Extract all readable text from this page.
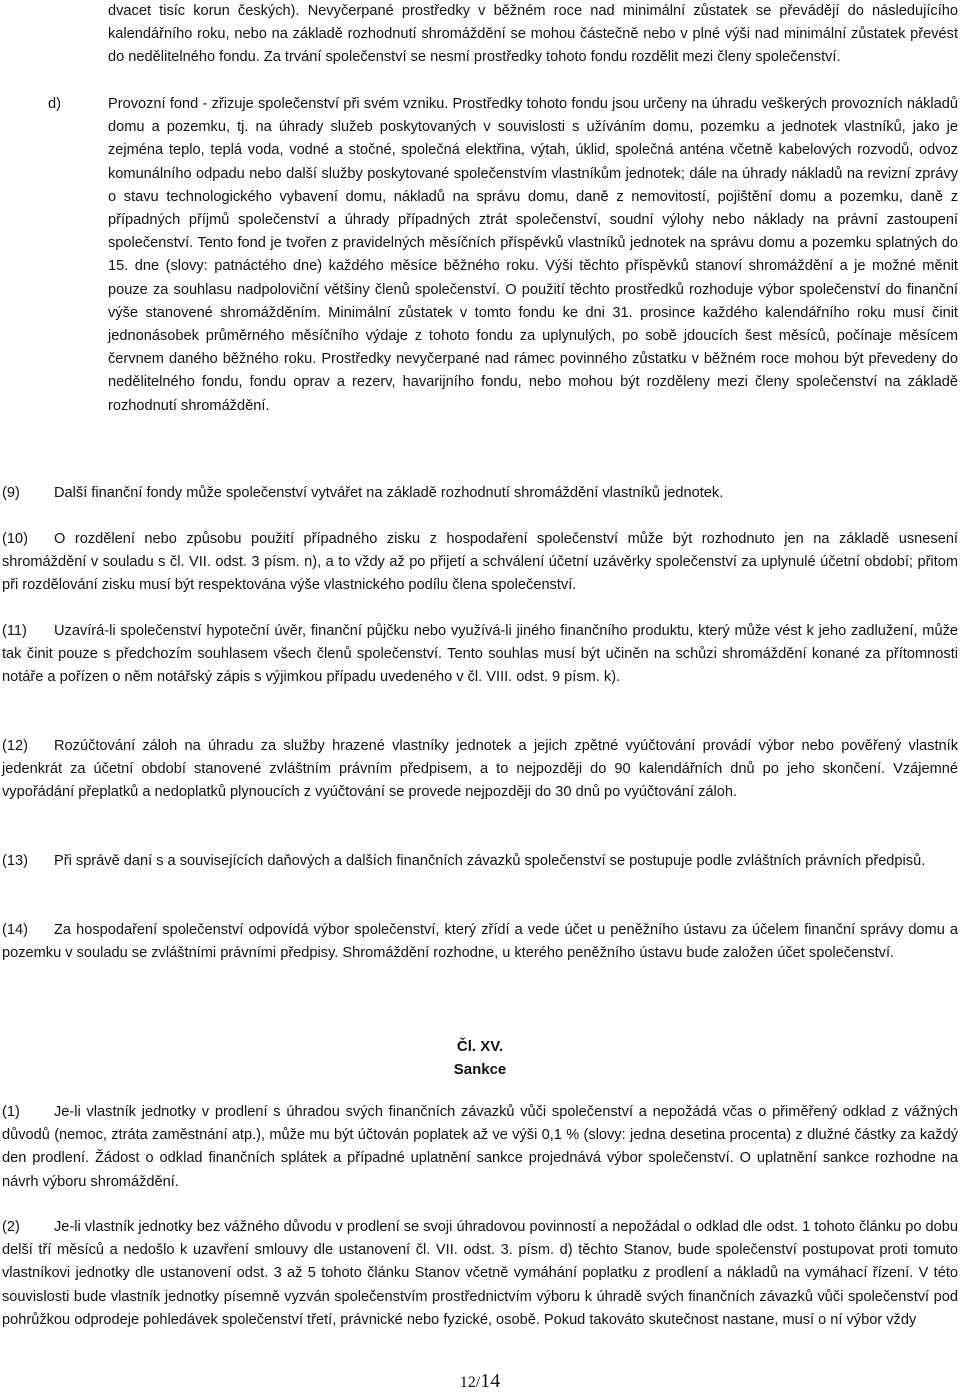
dvacet tisíc korun českých). Nevyčerpané prostředky v běžném roce nad minimální zůstatek se převádějí do následujícího kalendářního roku, nebo na základě rozhodnutí shromáždění se mohou částečně nebo v plné výši nad minimální zůstatek převést do nedělitelného fondu. Za trvání společenství se nesmí prostředky tohoto fondu rozdělit mezi členy společenství.
d)	Provozní fond - zřizuje společenství při svém vzniku. Prostředky tohoto fondu jsou určeny na úhradu veškerých provozních nákladů domu a pozemku, tj. na úhrady služeb poskytovaných v souvislosti s užíváním domu, pozemku a jednotek vlastníků, jako je zejména teplo, teplá voda, vodné a stočné, společná elektřina, výtah, úklid, společná anténa včetně kabelových rozvodů, odvoz komunálního odpadu nebo další služby poskytované společenstvím vlastníkům jednotek; dále na úhrady nákladů na revizní zprávy o stavu technologického vybavení domu, nákladů na správu domu, daně z nemovitostí, pojištění domu a pozemku, daně z případných příjmů společenství a úhrady případných ztrát společenství, soudní výlohy nebo náklady na právní zastoupení společenství. Tento fond je tvořen z pravidelných měsíčních příspěvků vlastníků jednotek na správu domu a pozemku splatných do 15. dne (slovy: patnáctého dne) každého měsíce běžného roku. Výši těchto příspěvků stanoví shromáždění a je možné měnit pouze za souhlasu nadpoloviční většiny členů společenství. O použití těchto prostředků rozhoduje výbor společenství do finanční výše stanovené shromážděním. Minimální zůstatek v tomto fondu ke dni 31. prosince každého kalendářního roku musí činit jednonásobek průměrného měsíčního výdaje z tohoto fondu za uplynulých, po sobě jdoucích šest měsíců, počínaje měsícem červnem daného běžného roku. Prostředky nevyčerpané nad rámec povinného zůstatku v běžném roce mohou být převedeny do nedělitelného fondu, fondu oprav a rezerv, havarijního fondu, nebo mohou být rozděleny mezi členy společenství na základě rozhodnutí shromáždění.
(9) Další finanční fondy může společenství vytvářet na základě rozhodnutí shromáždění vlastníků jednotek.
(10) O rozdělení nebo způsobu použití případného zisku z hospodaření společenství může být rozhodnuto jen na základě usnesení shromáždění v souladu s čl. VII. odst. 3 písm. n), a to vždy až po přijetí a schválení účetní uzávěrky společenství za uplynulé účetní období; přitom při rozdělování zisku musí být respektována výše vlastnického podílu člena společenství.
(11) Uzavírá-li společenství hypoteční úvěr, finanční půjčku nebo využívá-li jiného finančního produktu, který může vést k jeho zadlužení, může tak činit pouze s předchozím souhlasem všech členů společenství. Tento souhlas musí být učiněn na schůzi shromáždění konané za přítomnosti notáře a pořízen o něm notářský zápis s výjimkou případu uvedeného v čl. VIII. odst. 9 písm. k).
(12) Rozúčtování záloh na úhradu za služby hrazené vlastníky jednotek a jejich zpětné vyúčtování provádí výbor nebo pověřený vlastník jedenkrát za účetní období stanovené zvláštním právním předpisem, a to nejpozději do 90 kalendářních dnů po jeho skončení. Vzájemné vypořádání přeplatků a nedoplatků plynoucích z vyúčtování se provede nejpozději do 30 dnů po vyúčtování záloh.
(13) Při správě daní s a souvisejících daňových a dalších finančních závazků společenství se postupuje podle zvláštních právních předpisů.
(14) Za hospodaření společenství odpovídá výbor společenství, který zřídí a vede účet u peněžního ústavu za účelem finanční správy domu a pozemku v souladu se zvláštními právními předpisy. Shromáždění rozhodne, u kterého peněžního ústavu bude založen účet společenství.
Čl. XV.
Sankce
(1) Je-li vlastník jednotky v prodlení s úhradou svých finančních závazků vůči společenství a nepožádá včas o přiměřený odklad z vážných důvodů (nemoc, ztráta zaměstnání atp.), může mu být účtován poplatek až ve výši 0,1 % (slovy: jedna desetina procenta) z dlužné částky za každý den prodlení. Žádost o odklad finančních splátek a případné uplatnění sankce projednává výbor společenství. O uplatnění sankce rozhodne na návrh výboru shromáždění.
(2) Je-li vlastník jednotky bez vážného důvodu v prodlení se svoji úhradovou povinností a nepožádal o odklad dle odst. 1 tohoto článku po dobu delší tří měsíců a nedošlo k uzavření smlouvy dle ustanovení čl. VII. odst. 3. písm. d) těchto Stanov, bude společenství postupovat proti tomuto vlastníkovi jednotky dle ustanovení odst. 3 až 5 tohoto článku Stanov včetně vymáhání poplatku z prodlení a nákladů na vymáhací řízení. V této souvislosti bude vlastník jednotky písemně vyzván společenstvím prostřednictvím výboru k úhradě svých finančních závazků vůči společenství pod pohrůžkou odprodeje pohledávek společenství třetí, právnické nebo fyzické, osobě. Pokud takováto skutečnost nastane, musí o ní výbor vždy
12/14
